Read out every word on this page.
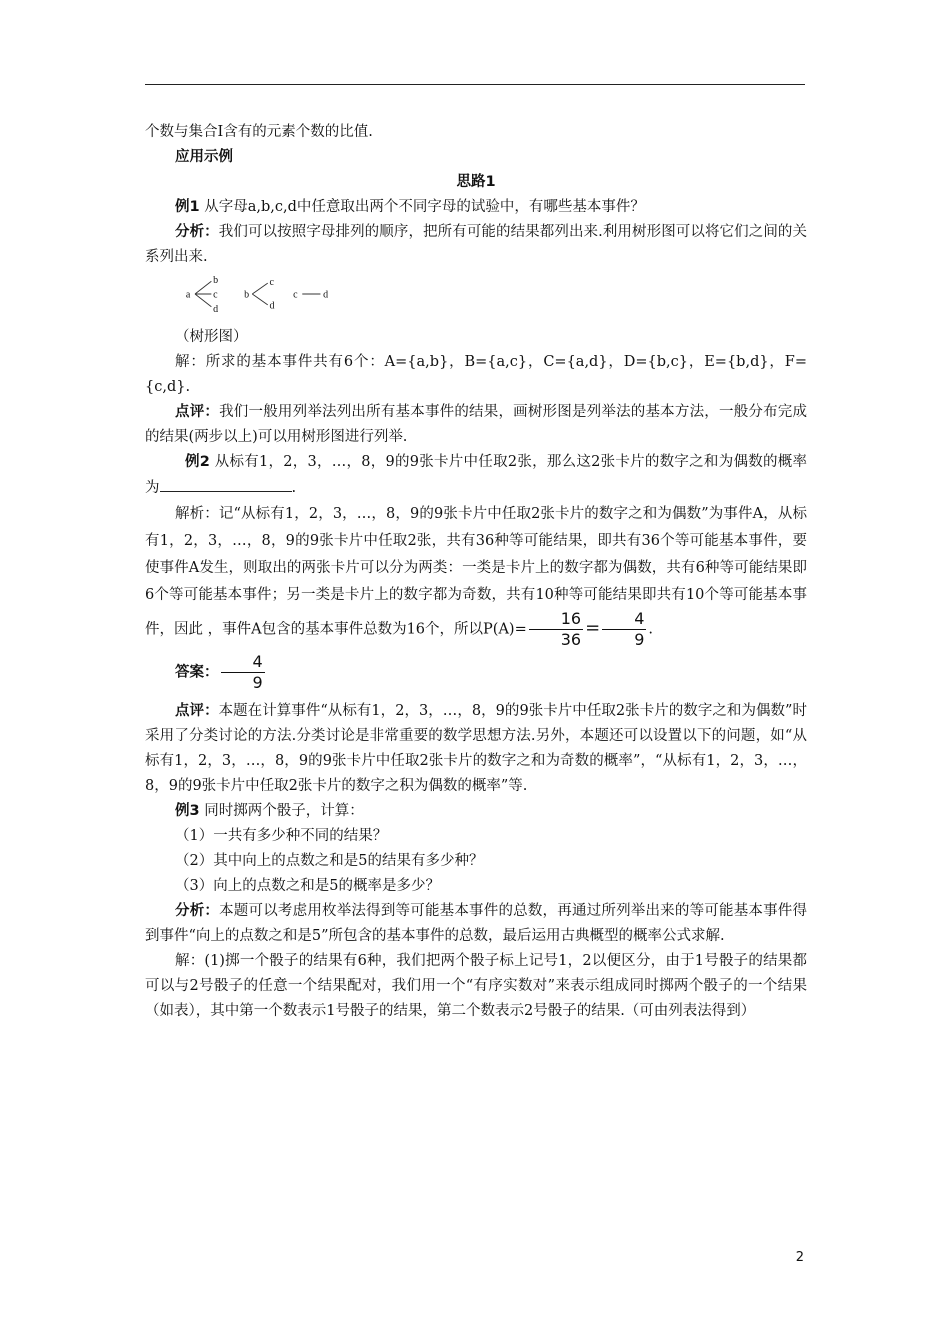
个数与集合Ⅰ含有的元素个数的比值.

应用示例

思路1

例1 从字母a,b,c,d中任意取出两个不同字母的试验中，有哪些基本事件？

分析：我们可以按照字母排列的顺序，把所有可能的结果都列出来.利用树形图可以将它们之间的关系列出来.

a
b
c
d
b
c
d
c d

（树形图）

解：所求的基本事件共有6个：A={a,b}，B={a,c}，C={a,d}，D={b,c}，E={b,d}，F={c,d}.

点评：我们一般用列举法列出所有基本事件的结果，画树形图是列举法的基本方法，一般分布完成的结果(两步以上)可以用树形图进行列举.

例2 从标有1，2，3，…，8，9的9张卡片中任取2张，那么这2张卡片的数字之和为偶数的概率为	.

解析：记“从标有1，2，3，…，8，9的9张卡片中任取2张卡片的数字之和为偶数”为事件A，从标有1，2，3，…，8，9的9张卡片中任取2张，共有36种等可能结果，即共有36个等可能基本事件，要使事件A发生，则取出的两张卡片可以分为两类：一类是卡片上的数字都为偶数，共有6种等可能结果即6个等可能基本事件；另一类是卡片上的数字都为奇数，共有10种等可能结果即共有10个等可能基本事件，因此 ，事件A包含的基本事件总数为16个，所以$P(A)= \frac{16}{36} = \frac{4}{9}$ .

答案： $\frac{4}{9}$

点评：本题在计算事件“从标有1，2，3，…，8，9的9张卡片中任取2张卡片的数字之和为偶数”时采用了分类讨论的方法.分类讨论是非常重要的数学思想方法.另外，本题还可以设置以下的问题，如“从标有1，2，3，…，8，9的9张卡片中任取2张卡片的数字之和为奇数的概率”，“从标有1，2，3，…，8，9的9张卡片中任取2张卡片的数字之积为偶数的概率”等.

例3 同时掷两个骰子，计算：

（1）一共有多少种不同的结果？

（2）其中向上的点数之和是5的结果有多少种？

（3）向上的点数之和是5的概率是多少？

分析：本题可以考虑用枚举法得到等可能基本事件的总数，再通过所列举出来的等可能基本事件得到事件“向上的点数之和是5”所包含的基本事件的总数，最后运用古典概型的概率公式求解.

解：(1)掷一个骰子的结果有6种，我们把两个骰子标上记号1，2以便区分，由于1号骰子的结果都可以与2号骰子的任意一个结果配对，我们用一个“有序实数对”来表示组成同时掷两个骰子的一个结果（如表），其中第一个数表示1号骰子的结果，第二个数表示2号骰子的结果.（可由列表法得到）

2
